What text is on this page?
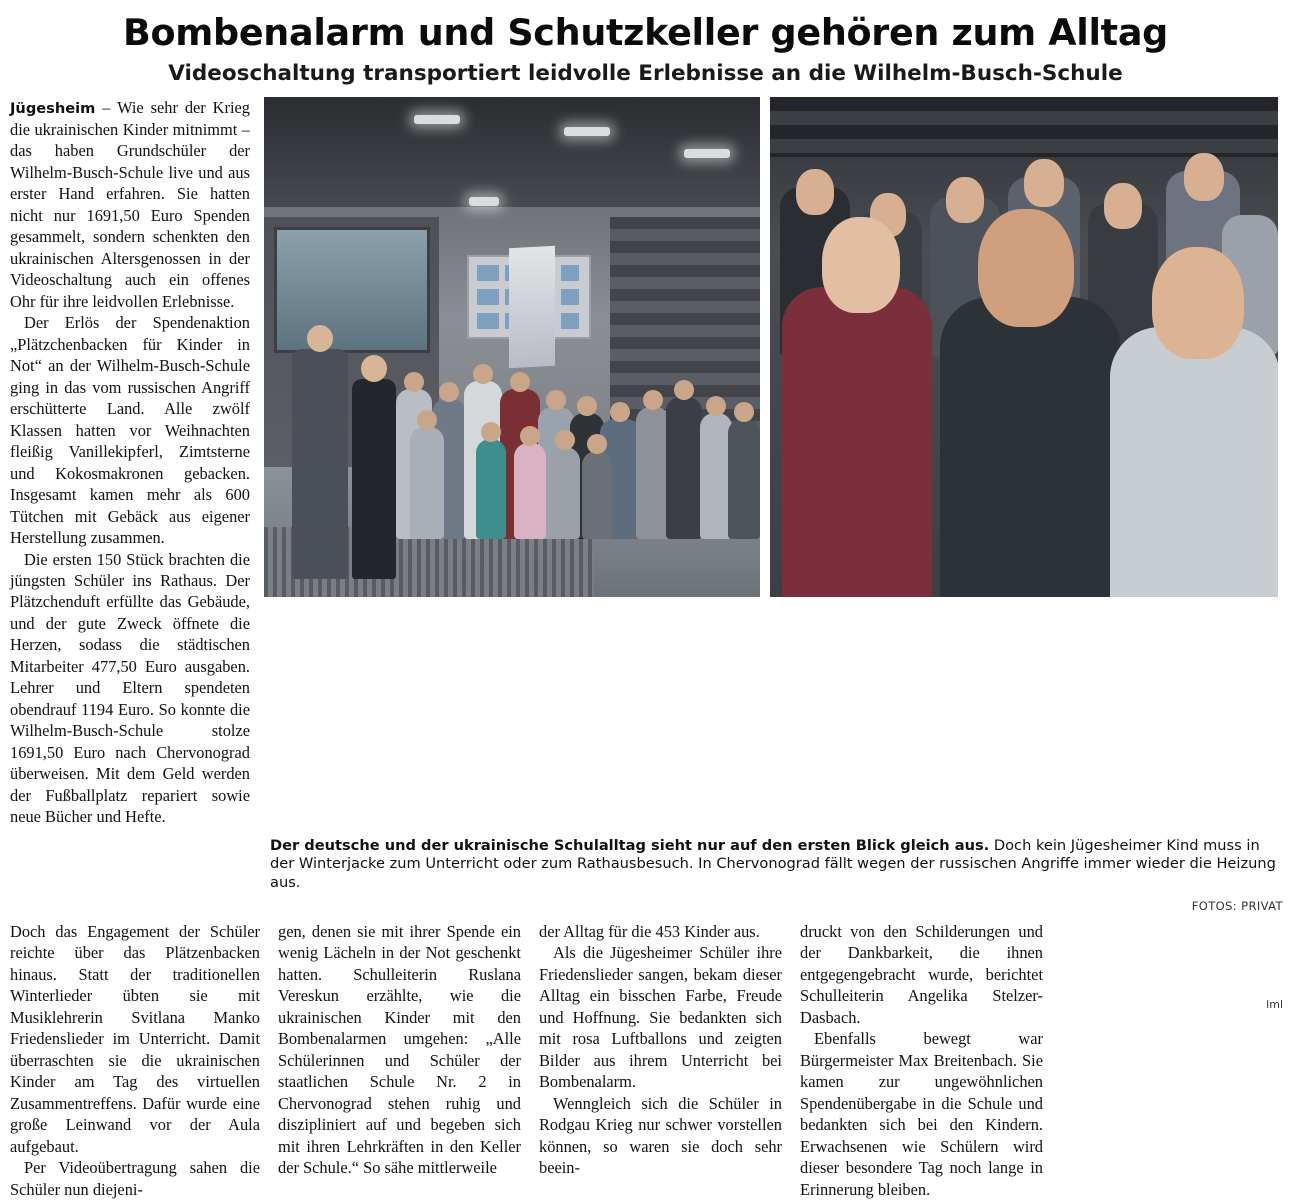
Bombenalarm und Schutzkeller gehören zum Alltag
Videoschaltung transportiert leidvolle Erlebnisse an die Wilhelm-Busch-Schule

Jügesheim – Wie sehr der Krieg die ukrainischen Kinder mitnimmt – das haben Grundschüler der Wilhelm-Busch-Schule live und aus erster Hand erfahren. Sie hatten nicht nur 1691,50 Euro Spenden gesammelt, sondern schenkten den ukrainischen Altersgenossen in der Videoschaltung auch ein offenes Ohr für ihre leidvollen Erlebnisse.

Der Erlös der Spendenaktion „Plätzchenbacken für Kinder in Not“ an der Wilhelm-Busch-Schule ging in das vom russischen Angriff erschütterte Land. Alle zwölf Klassen hatten vor Weihnachten fleißig Vanillekipferl, Zimtsterne und Kokosmakronen gebacken. Insgesamt kamen mehr als 600 Tütchen mit Gebäck aus eigener Herstellung zusammen.

Die ersten 150 Stück brachten die jüngsten Schüler ins Rathaus. Der Plätzchenduft erfüllte das Gebäude, und der gute Zweck öffnete die Herzen, sodass die städtischen Mitarbeiter 477,50 Euro ausgaben. Lehrer und Eltern spendeten obendrauf 1194 Euro. So konnte die Wilhelm-Busch-Schule stolze 1691,50 Euro nach Chervonograd überweisen. Mit dem Geld werden der Fußballplatz repariert sowie neue Bücher und Hefte.

Der deutsche und der ukrainische Schulalltag sieht nur auf den ersten Blick gleich aus. Doch kein Jügesheimer Kind muss in der Winterjacke zum Unterricht oder zum Rathausbesuch. In Chervonograd fällt wegen der russischen Angriffe immer wieder die Heizung aus.
FOTOS: PRIVAT

Doch das Engagement der Schüler reichte über das Plätzenbacken hinaus. Statt der traditionellen Winterlieder übten sie mit Musiklehrerin Svitlana Manko Friedenslieder im Unterricht. Damit überraschten sie die ukrainischen Kinder am Tag des virtuellen Zusammentreffens. Dafür wurde eine große Leinwand vor der Aula aufgebaut.

Per Videoübertragung sahen die Schüler nun diejeni-

gen, denen sie mit ihrer Spende ein wenig Lächeln in der Not geschenkt hatten. Schulleiterin Ruslana Vereskun erzählte, wie die ukrainischen Kinder mit den Bombenalarmen umgehen: „Alle Schülerinnen und Schüler der staatlichen Schule Nr. 2 in Chervonograd stehen ruhig und diszipliniert auf und begeben sich mit ihren Lehrkräften in den Keller der Schule.“ So sähe mittlerweile

der Alltag für die 453 Kinder aus.

Als die Jügesheimer Schüler ihre Friedenslieder sangen, bekam dieser Alltag ein bisschen Farbe, Freude und Hoffnung. Sie bedankten sich mit rosa Luftballons und zeigten Bilder aus ihrem Unterricht bei Bombenalarm.

Wenngleich sich die Schüler in Rodgau Krieg nur schwer vorstellen können, so waren sie doch sehr beein-

druckt von den Schilderungen und der Dankbarkeit, die ihnen entgegengebracht wurde, berichtet Schulleiterin Angelika Stelzer-Dasbach.

Ebenfalls bewegt war Bürgermeister Max Breitenbach. Sie kamen zur ungewöhnlichen Spendenübergabe in die Schule und bedankten sich bei den Kindern. Erwachsenen wie Schülern wird dieser besondere Tag noch lange in Erinnerung bleiben.

lml
